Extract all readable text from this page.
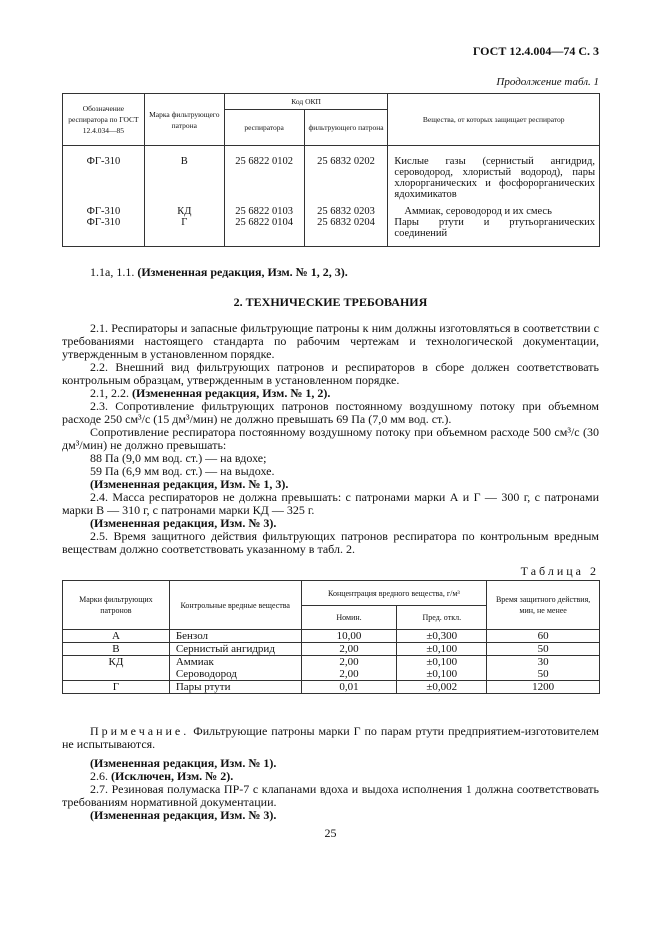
ГОСТ 12.4.004—74 С. 3
Продолжение табл. 1
Обозначение респиратора по ГОСТ 12.4.034—85	Марка фильтрующего патрона	Код ОКП		Вещества, от которых защищает респиратор
		респиратора	фильтрующего патрона	
ФГ-310	В	25 6822 0102	25 6832 0202	Кислые газы (сернистый ангидрид, сероводород, хлористый водород), пары хлорорганических и фосфорорганических ядохимикатов
ФГ-310	КД	25 6822 0103	25 6832 0203	Аммиак, сероводород и их смесь
ФГ-310	Г	25 6822 0104	25 6832 0204	Пары ртути и ртутьорганических соединений
1.1а, 1.1. (Измененная редакция, Изм. № 1, 2, 3).
2. ТЕХНИЧЕСКИЕ ТРЕБОВАНИЯ
2.1. Респираторы и запасные фильтрующие патроны к ним должны изготовляться в соответствии с требованиями настоящего стандарта по рабочим чертежам и технологической документации, утвержденным в установленном порядке.
2.2. Внешний вид фильтрующих патронов и респираторов в сборе должен соответствовать контрольным образцам, утвержденным в установленном порядке.
2.1, 2.2. (Измененная редакция, Изм. № 1, 2).
2.3. Сопротивление фильтрующих патронов постоянному воздушному потоку при объемном расходе 250 см³/с (15 дм³/мин) не должно превышать 69 Па (7,0 мм вод. ст.).
Сопротивление респиратора постоянному воздушному потоку при объемном расходе 500 см³/с (30 дм³/мин) не должно превышать:
88 Па (9,0 мм вод. ст.) — на вдохе;
59 Па (6,9 мм вод. ст.) — на выдохе.
(Измененная редакция, Изм. № 1, 3).
2.4. Масса респираторов не должна превышать: с патронами марки А и Г — 300 г, с патронами марки В — 310 г, с патронами марки КД — 325 г.
(Измененная редакция, Изм. № 3).
2.5. Время защитного действия фильтрующих патронов респиратора по контрольным вредным веществам должно соответствовать указанному в табл. 2.
Таблица 2
Марки фильтрующих патронов	Контрольные вредные вещества	Концентрация вредного вещества, г/м³		Время защитного действия, мин, не менее
		Номин.	Пред. откл.	
А	Бензол	10,00	±0,300	60
В	Сернистый ангидрид	2,00	±0,100	50
КД	Аммиак	2,00	±0,100	30
	Сероводород	2,00	±0,100	50
Г	Пары ртути	0,01	±0,002	1200
Примечание. Фильтрующие патроны марки Г по парам ртути предприятием-изготовителем не испытываются.
(Измененная редакция, Изм. № 1).
2.6. (Исключен, Изм. № 2).
2.7. Резиновая полумаска ПР-7 с клапанами вдоха и выдоха исполнения 1 должна соответствовать требованиям нормативной документации.
(Измененная редакция, Изм. № 3).
25
